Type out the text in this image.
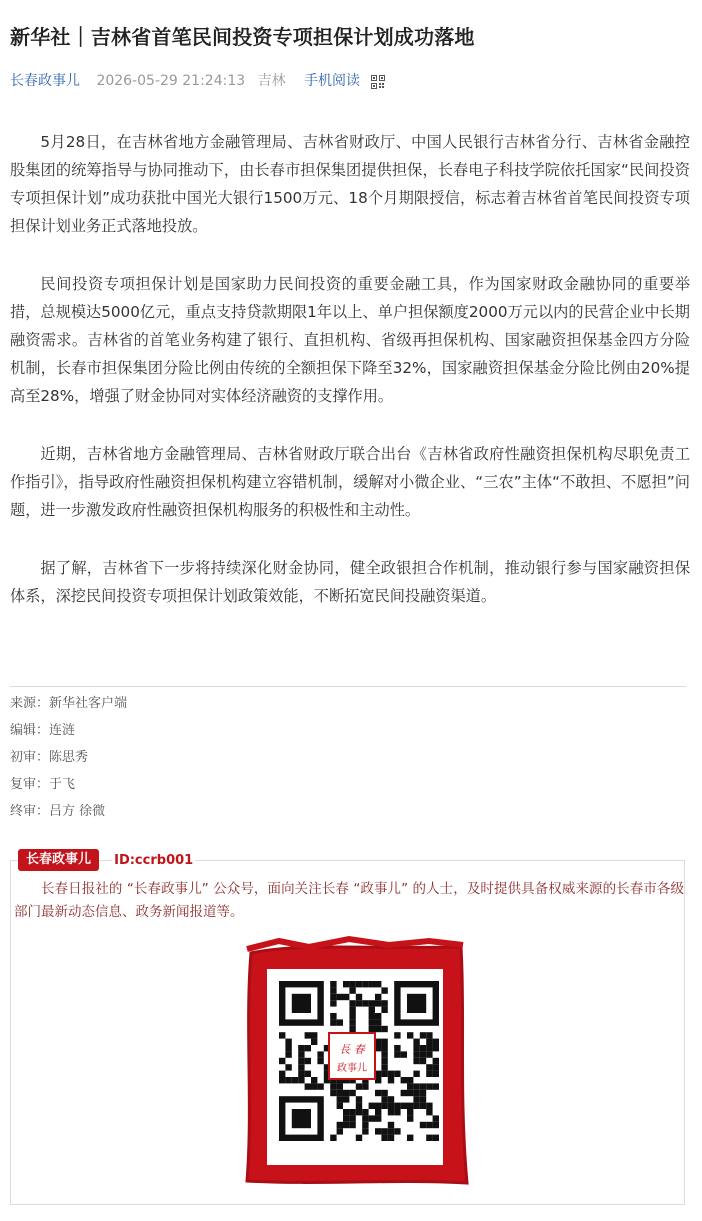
新华社｜吉林省首笔民间投资专项担保计划成功落地
长春政事儿 2026-05-29 21:24:13 吉林 手机阅读

5月28日，在吉林省地方金融管理局、吉林省财政厅、中国人民银行吉林省分行、吉林省金融控股集团的统筹指导与协同推动下，由长春市担保集团提供担保，长春电子科技学院依托国家“民间投资专项担保计划”成功获批中国光大银行1500万元、18个月期限授信，标志着吉林省首笔民间投资专项担保计划业务正式落地投放。

民间投资专项担保计划是国家助力民间投资的重要金融工具，作为国家财政金融协同的重要举措，总规模达5000亿元，重点支持贷款期限1年以上、单户担保额度2000万元以内的民营企业中长期融资需求。吉林省的首笔业务构建了银行、直担机构、省级再担保机构、国家融资担保基金四方分险机制，长春市担保集团分险比例由传统的全额担保下降至32%，国家融资担保基金分险比例由20%提高至28%，增强了财金协同对实体经济融资的支撑作用。

近期，吉林省地方金融管理局、吉林省财政厅联合出台《吉林省政府性融资担保机构尽职免责工作指引》，指导政府性融资担保机构建立容错机制，缓解对小微企业、“三农”主体“不敢担、不愿担”问题，进一步激发政府性融资担保机构服务的积极性和主动性。

据了解，吉林省下一步将持续深化财金协同，健全政银担合作机制，推动银行参与国家融资担保体系，深挖民间投资专项担保计划政策效能，不断拓宽民间投融资渠道。

来源：新华社客户端
编辑：连涟
初审：陈思秀
复审：于飞
终审：吕方 徐微
长春政事儿 ID:ccrb001
长春日报社的 “长春政事儿” 公众号，面向关注长春 “政事儿” 的人士，及时提供具备权威来源的长春市各级部门最新动态信息、政务新闻报道等。
長 春
政事儿
